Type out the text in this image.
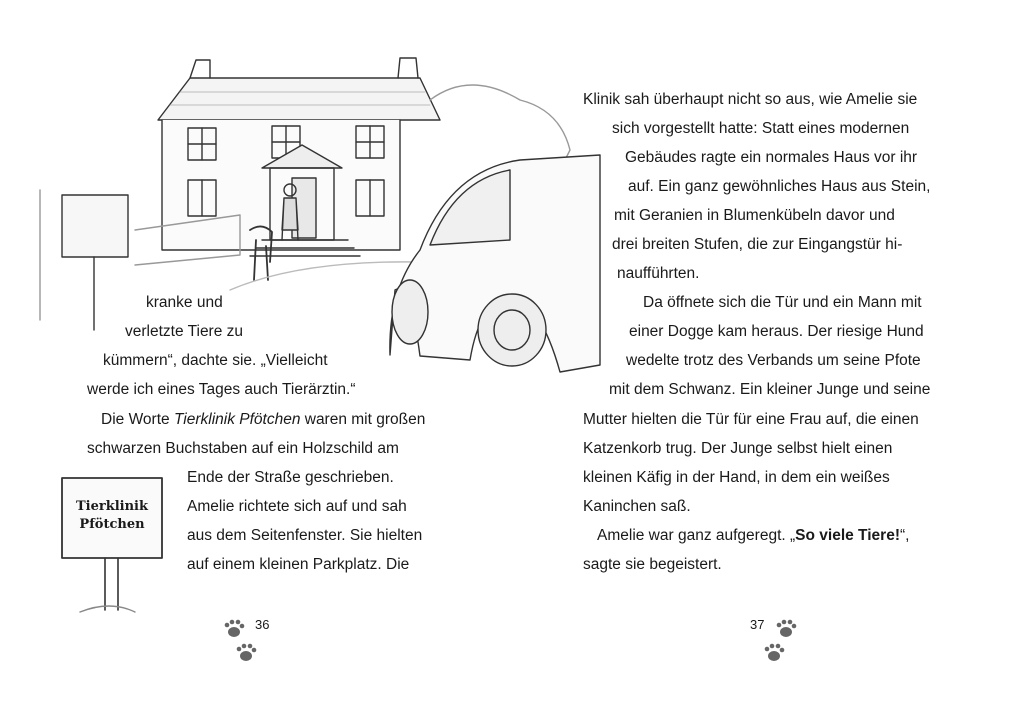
Tierklinik
Pfötchen
kranke und
verletzte Tiere zu
kümmern“, dachte sie. „Vielleicht
werde ich eines Tages auch Tierärztin.“
Die Worte Tierklinik Pfötchen waren mit großen
schwarzen Buchstaben auf ein Holzschild am
Ende der Straße geschrieben.
Amelie richtete sich auf und sah
aus dem Seitenfenster. Sie hielten
auf einem kleinen Parkplatz. Die
Klinik sah überhaupt nicht so aus, wie Amelie sie
sich vorgestellt hatte: Statt eines modernen
Gebäudes ragte ein normales Haus vor ihr
auf. Ein ganz gewöhnliches Haus aus Stein,
mit Geranien in Blumenkübeln davor und
drei breiten Stufen, die zur Eingangstür hi-
naufführten.
Da öffnete sich die Tür und ein Mann mit
einer Dogge kam heraus. Der riesige Hund
wedelte trotz des Verbands um seine Pfote
mit dem Schwanz. Ein kleiner Junge und seine
Mutter hielten die Tür für eine Frau auf, die einen
Katzenkorb trug. Der Junge selbst hielt einen
kleinen Käfig in der Hand, in dem ein weißes
Kaninchen saß.
Amelie war ganz aufgeregt. „So viele Tiere!“,
sagte sie begeistert.
36	37
